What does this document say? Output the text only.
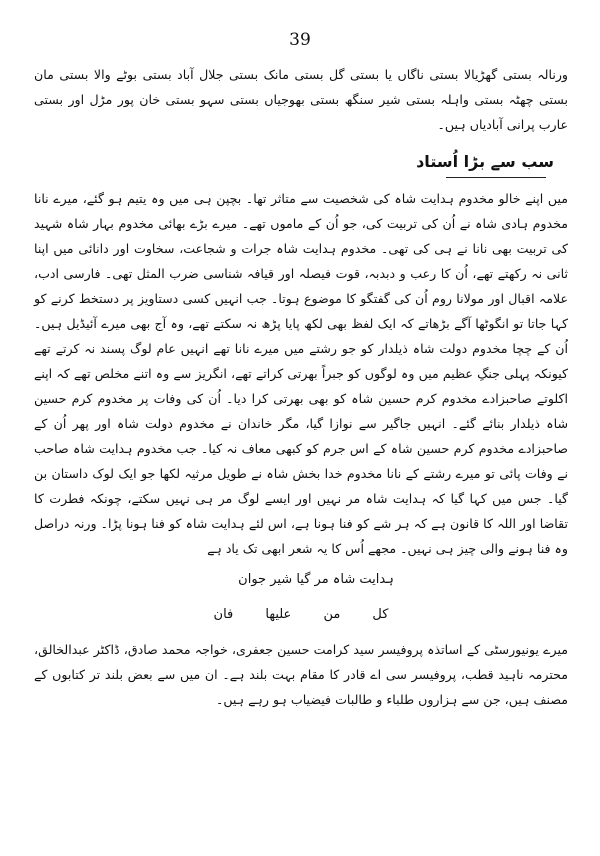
39

ورنالہ بستی گھڑیالا بستی ناگاں یا بستی گل بستی مانک بستی جلال آباد بستی بوٹے والا بستی مان بستی چھٹہ بستی واہلہ بستی شیر سنگھ بستی بھوجیاں بستی سہو بستی خان پور مڑل اور بستی عارب پرانی آبادیاں ہیں۔

سب سے بڑا اُستاد

میں اپنے خالو مخدوم ہدایت شاہ کی شخصیت سے متاثر تھا۔ بچپن ہی میں وہ یتیم ہو گئے، میرے نانا مخدوم ہادی شاہ نے اُن کی تربیت کی، جو اُن کے ماموں تھے۔ میرے بڑے بھائی مخدوم بہار شاہ شہید کی تربیت بھی نانا نے ہی کی تھی۔ مخدوم ہدایت شاہ جرات و شجاعت، سخاوت اور دانائی میں اپنا ثانی نہ رکھتے تھے، اُن کا رعب و دبدبہ، قوت فیصلہ اور قیافہ شناسی ضرب المثل تھی۔ فارسی ادب، علامہ اقبال اور مولانا روم اُن کی گفتگو کا موضوع ہوتا۔ جب انہیں کسی دستاویز پر دستخط کرنے کو کہا جاتا تو انگوٹھا آگے بڑھاتے کہ ایک لفظ بھی لکھ پایا پڑھ نہ سکتے تھے، وہ آج بھی میرے آئیڈیل ہیں۔ اُن کے چچا مخدوم دولت شاہ ذیلدار کو جو رشتے میں میرے نانا تھے انہیں عام لوگ پسند نہ کرتے تھے کیونکہ پہلی جنگِ عظیم میں وہ لوگوں کو جبراً بھرتی کراتے تھے، انگریز سے وہ اتنے مخلص تھے کہ اپنے اکلوتے صاحبزادے مخدوم کرم حسین شاہ کو بھی بھرتی کرا دیا۔ اُن کی وفات پر مخدوم کرم حسین شاہ ذیلدار بنائے گئے۔ انہیں جاگیر سے نوازا گیا، مگر خاندان نے مخدوم دولت شاہ اور پھر اُن کے صاحبزادے مخدوم کرم حسین شاہ کے اس جرم کو کبھی معاف نہ کیا۔ جب مخدوم ہدایت شاہ صاحب نے وفات پائی تو میرے رشتے کے نانا مخدوم خدا بخش شاہ نے طویل مرثیہ لکھا جو ایک لوک داستان بن گیا۔ جس میں کہا گیا کہ ہدایت شاہ مر نہیں اور ایسے لوگ مر ہی نہیں سکتے، چونکہ فطرت کا تقاضا اور اللہ کا قانون ہے کہ ہر شے کو فنا ہونا ہے، اس لئے ہدایت شاہ کو فنا ہونا پڑا۔ ورنہ دراصل وہ فنا ہونے والی چیز ہی نہیں۔ مجھے اُس کا یہ شعر ابھی تک یاد ہے

ہدایت شاہ مر گیا شیر جوان
کل من علیھا فان

میرے یونیورسٹی کے اساتذہ پروفیسر سید کرامت حسین جعفری، خواجہ محمد صادق، ڈاکٹر عبدالخالق، محترمہ ناہید قطب، پروفیسر سی اے قادر کا مقام بہت بلند ہے۔ ان میں سے بعض بلند تر کتابوں کے مصنف ہیں، جن سے ہزاروں طلباء و طالبات فیضیاب ہو رہے ہیں۔
